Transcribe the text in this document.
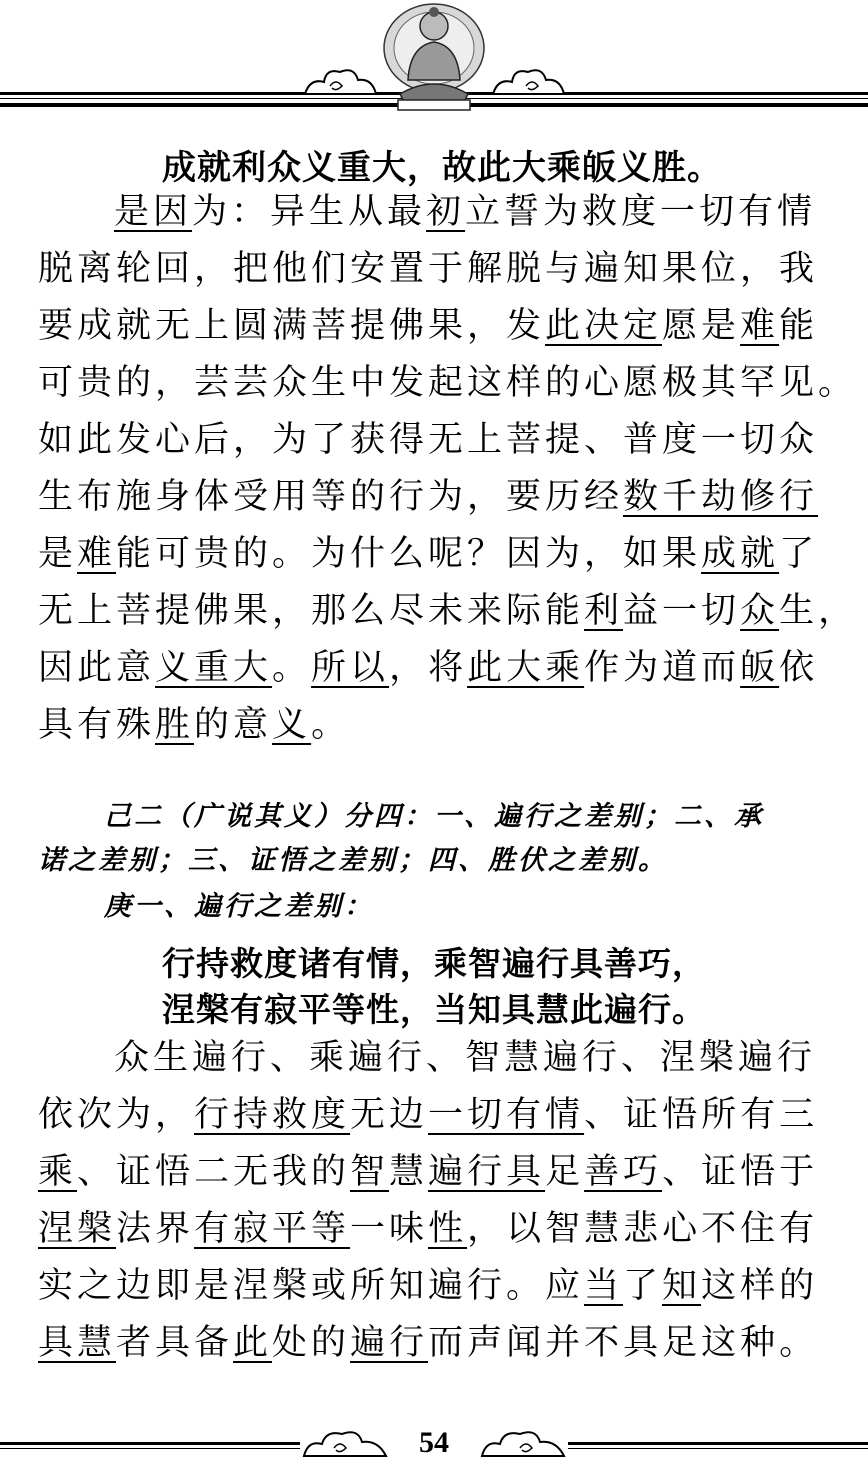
成就利众义重大，故此大乘皈义胜。
是因为：异生从最初立誓为救度一切有情
脱离轮回，把他们安置于解脱与遍知果位，我
要成就无上圆满菩提佛果，发此决定愿是难能
可贵的，芸芸众生中发起这样的心愿极其罕见。
如此发心后，为了获得无上菩提、普度一切众
生布施身体受用等的行为，要历经数千劫修行
是难能可贵的。为什么呢？因为，如果成就了
无上菩提佛果，那么尽未来际能利益一切众生，
因此意义重大。所以，将此大乘作为道而皈依
具有殊胜的意义。
己二（广说其义）分四：一、遍行之差别；二、承
诺之差别；三、证悟之差别；四、胜伏之差别。
庚一、遍行之差别：
行持救度诸有情，乘智遍行具善巧，
涅槃有寂平等性，当知具慧此遍行。
众生遍行、乘遍行、智慧遍行、涅槃遍行
依次为，行持救度无边一切有情、证悟所有三
乘、证悟二无我的智慧遍行具足善巧、证悟于
涅槃法界有寂平等一味性，以智慧悲心不住有
实之边即是涅槃或所知遍行。应当了知这样的
具慧者具备此处的遍行而声闻并不具足这种。
54
